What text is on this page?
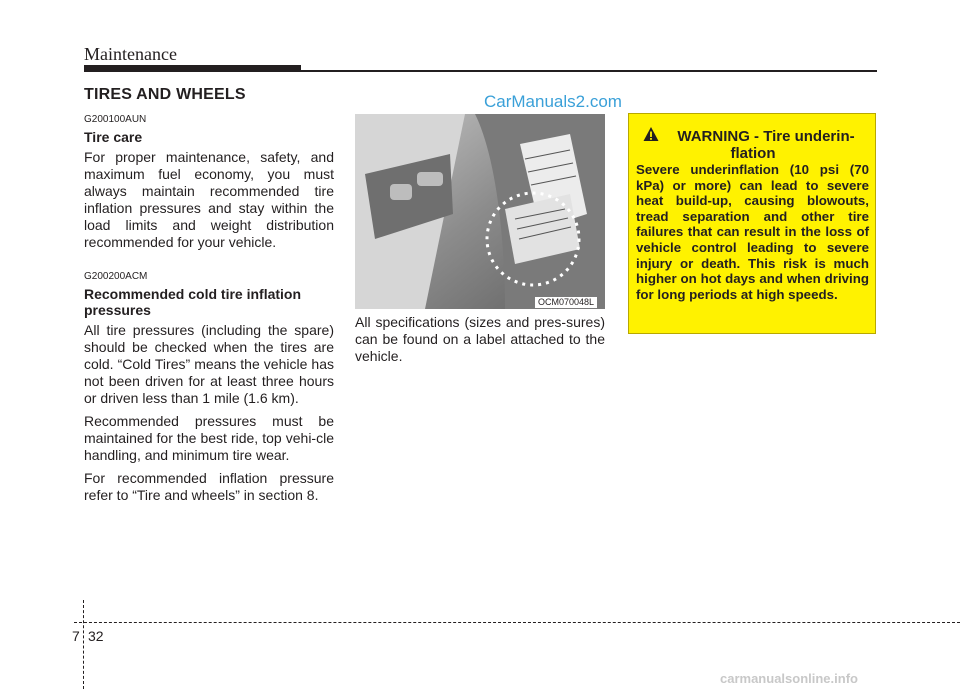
Maintenance
TIRES AND WHEELS
G200100AUN
Tire care

For proper maintenance, safety, and maximum fuel economy, you must always maintain recommended tire inflation pressures and stay within the load limits and weight distribution recommended for your vehicle.

G200200ACM
Recommended cold tire inflation pressures

All tire pressures (including the spare) should be checked when the tires are cold. “Cold Tires” means the vehicle has not been driven for at least three hours or driven less than 1 mile (1.6 km).

Recommended pressures must be maintained for the best ride, top vehi-cle handling, and minimum tire wear.

For recommended inflation pressure refer to “Tire and wheels” in section 8.

CarManuals2.com
OCM070048L
All specifications (sizes and pres-sures) can be found on a label attached to the vehicle.
WARNING - Tire underin-
flation
Severe underinflation (10 psi (70 kPa) or more) can lead to severe heat build-up, causing blowouts, tread separation and other tire failures that can result in the loss of vehicle control leading to severe injury or death. This risk is much higher on hot days and when driving for long periods at high speeds.
7 32
carmanualsonline.info
